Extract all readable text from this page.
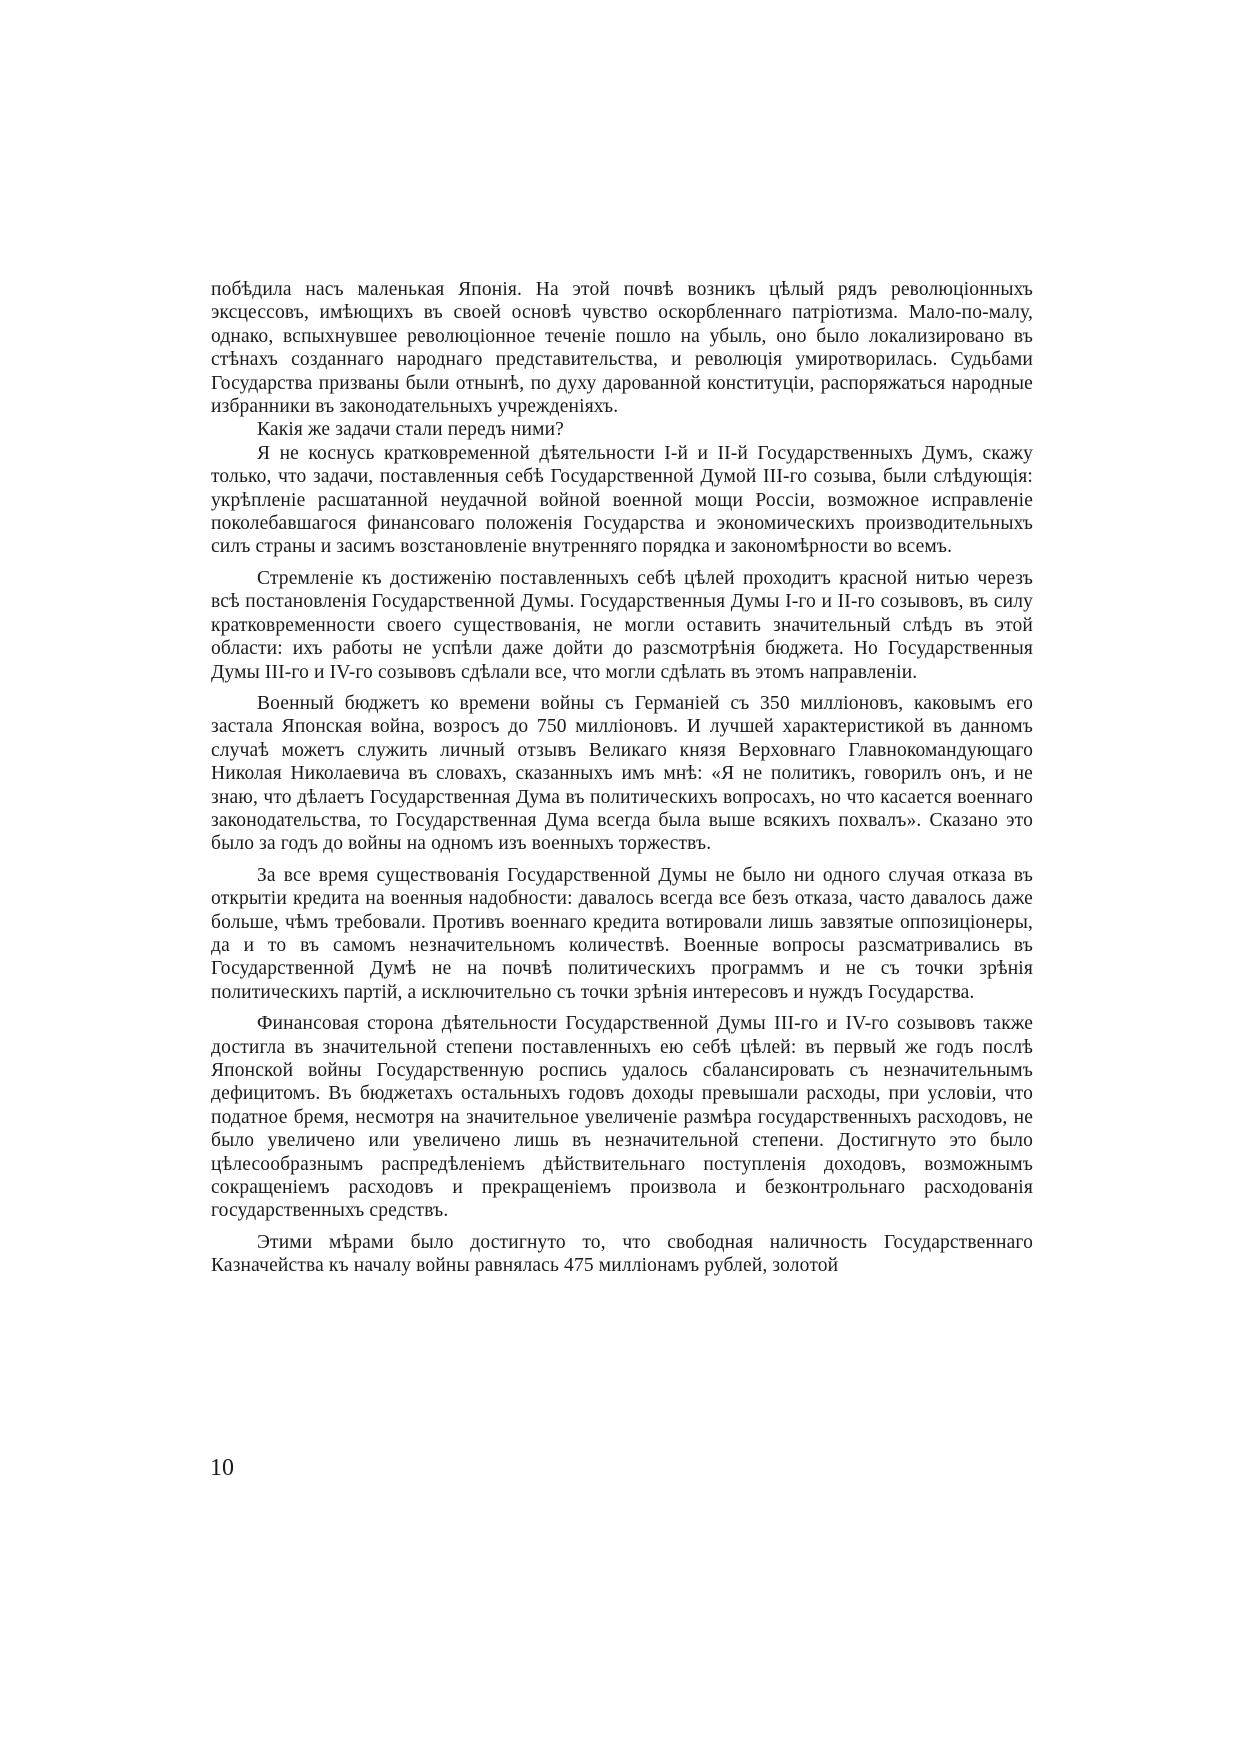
побѣдила насъ маленькая Японія. На этой почвѣ возникъ цѣлый рядъ революціонныхъ эксцессовъ, имѣющихъ въ своей основѣ чувство оскорбленнаго патріотизма. Мало-по-малу, однако, вспыхнувшее революціонное теченіе пошло на убыль, оно было локализировано въ стѣнахъ созданнаго народнаго представительства, и революція умиротворилась. Судьбами Государства призваны были отнынѣ, по духу дарованной конституціи, распоряжаться народные избранники въ законодательныхъ учрежденіяхъ.

Какія же задачи стали передъ ними?

Я не коснусь кратковременной дѣятельности I-й и II-й Государственныхъ Думъ, скажу только, что задачи, поставленныя себѣ Государственной Думой III-го созыва, были слѣдующія: укрѣпленіе расшатанной неудачной войной военной мощи Россіи, возможное исправленіе поколебавшагося финансоваго положенія Государства и экономическихъ производительныхъ силъ страны и засимъ возстановленіе внутренняго порядка и закономѣрности во всемъ.

Стремленіе къ достиженію поставленныхъ себѣ цѣлей проходитъ красной нитью черезъ всѣ постановленія Государственной Думы. Государственныя Думы I-го и II-го созывовъ, въ силу кратковременности своего существованія, не могли оставить значительный слѣдъ въ этой области: ихъ работы не успѣли даже дойти до разсмотрѣнія бюджета. Но Государственныя Думы III-го и IV-го созывовъ сдѣлали все, что могли сдѣлать въ этомъ направленіи.

Военный бюджетъ ко времени войны съ Германіей съ 350 милліоновъ, каковымъ его застала Японская война, возросъ до 750 милліоновъ. И лучшей характеристикой въ данномъ случаѣ можетъ служить личный отзывъ Великаго князя Верховнаго Главнокомандующаго Николая Николаевича въ словахъ, сказанныхъ имъ мнѣ: «Я не политикъ, говорилъ онъ, и не знаю, что дѣлаетъ Государственная Дума въ политическихъ вопросахъ, но что касается военнаго законодательства, то Государственная Дума всегда была выше всякихъ похвалъ». Сказано это было за годъ до войны на одномъ изъ военныхъ торжествъ.

За все время существованія Государственной Думы не было ни одного случая отказа въ открытіи кредита на военныя надобности: давалось всегда все безъ отказа, часто давалось даже больше, чѣмъ требовали. Противъ военнаго кредита вотировали лишь завзятые оппозиціонеры, да и то въ самомъ незначительномъ количествѣ. Военные вопросы разсматривались въ Государственной Думѣ не на почвѣ политическихъ программъ и не съ точки зрѣнія политическихъ партій, а исключительно съ точки зрѣнія интересовъ и нуждъ Государства.

Финансовая сторона дѣятельности Государственной Думы III-го и IV-го созывовъ также достигла въ значительной степени поставленныхъ ею себѣ цѣлей: въ первый же годъ послѣ Японской войны Государственную роспись удалось сбалансировать съ незначительнымъ дефицитомъ. Въ бюджетахъ остальныхъ годовъ доходы превышали расходы, при условіи, что податное бремя, несмотря на значительное увеличеніе размѣра государственныхъ расходовъ, не было увеличено или увеличено лишь въ незначительной степени. Достигнуто это было цѣлесообразнымъ распредѣленіемъ дѣйствительнаго поступленія доходовъ, возможнымъ сокращеніемъ расходовъ и прекращеніемъ произвола и безконтрольнаго расходованія государственныхъ средствъ.

Этими мѣрами было достигнуто то, что свободная наличность Государственнаго Казначейства къ началу войны равнялась 475 милліонамъ рублей, золотой

10
